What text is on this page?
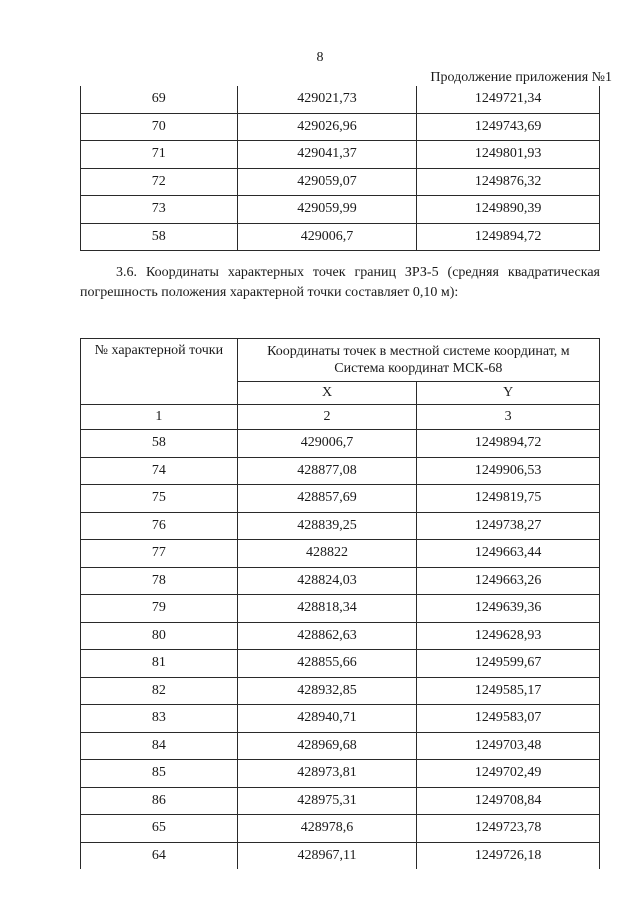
8
Продолжение приложения №1
69	429021,73	1249721,34
70	429026,96	1249743,69
71	429041,37	1249801,93
72	429059,07	1249876,32
73	429059,99	1249890,39
58	429006,7	1249894,72
3.6. Координаты характерных точек границ ЗРЗ-5 (средняя квадратическая погрешность положения характерной точки составляет 0,10 м):
№ характерной точки	Координаты точек в местной системе координат, м
Система координат МСК-68	

	X	Y
1	2	3
58	429006,7	1249894,72
74	428877,08	1249906,53
75	428857,69	1249819,75
76	428839,25	1249738,27
77	428822	1249663,44
78	428824,03	1249663,26
79	428818,34	1249639,36
80	428862,63	1249628,93
81	428855,66	1249599,67
82	428932,85	1249585,17
83	428940,71	1249583,07
84	428969,68	1249703,48
85	428973,81	1249702,49
86	428975,31	1249708,84
65	428978,6	1249723,78
64	428967,11	1249726,18
